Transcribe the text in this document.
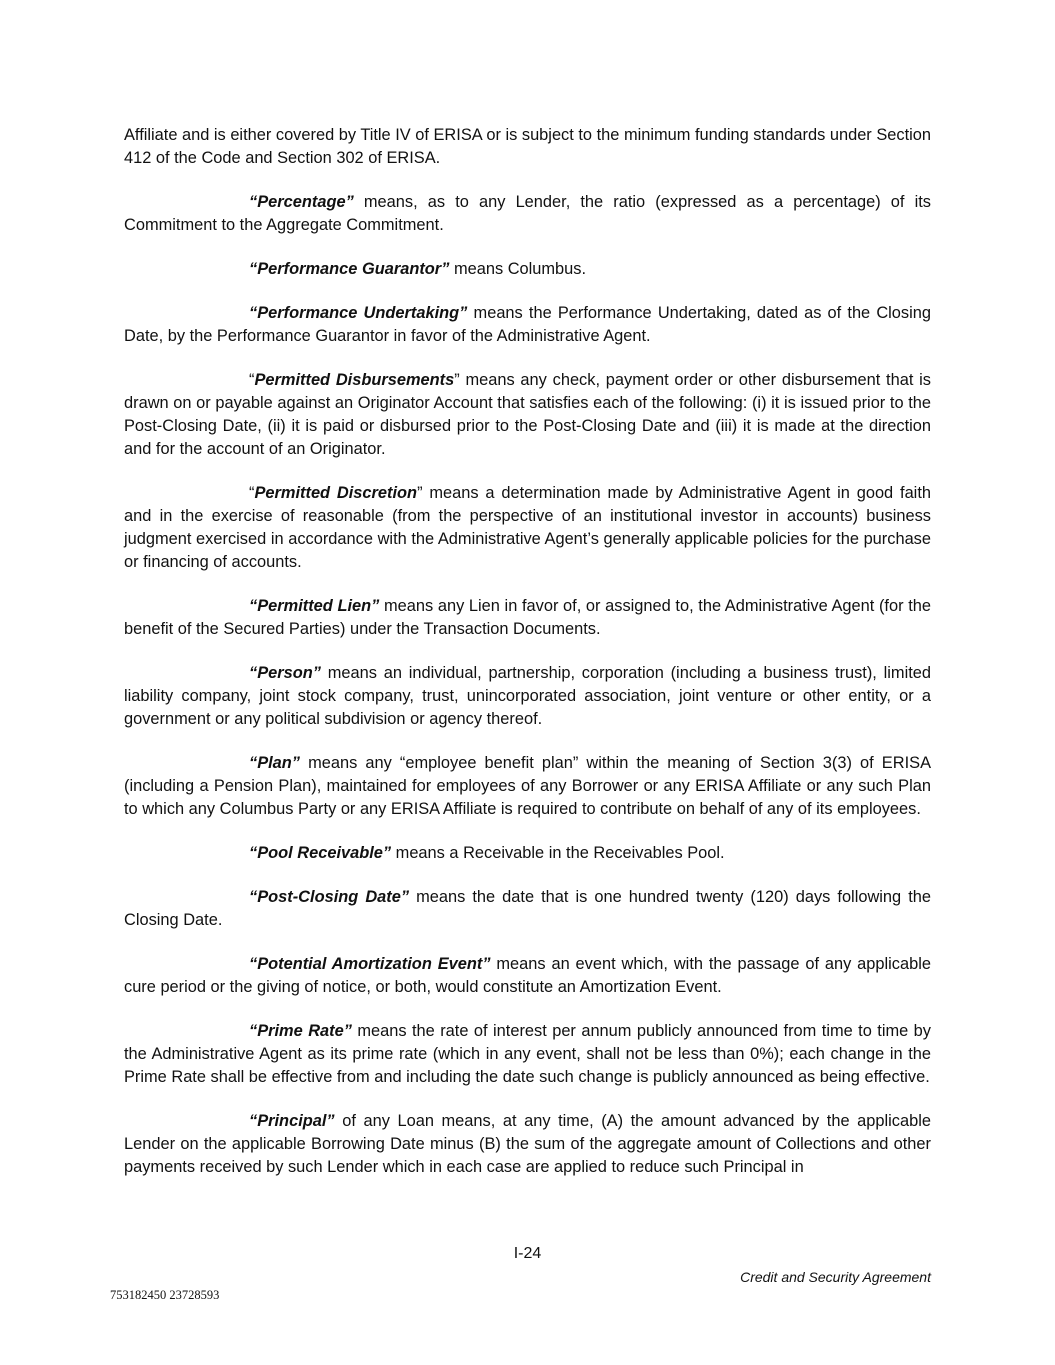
Affiliate and is either covered by Title IV of ERISA or is subject to the minimum funding standards under Section 412 of the Code and Section 302 of ERISA.

“Percentage” means, as to any Lender, the ratio (expressed as a percentage) of its Commitment to the Aggregate Commitment.

“Performance Guarantor” means Columbus.

“Performance Undertaking” means the Performance Undertaking, dated as of the Closing Date, by the Performance Guarantor in favor of the Administrative Agent.

“Permitted Disbursements” means any check, payment order or other disbursement that is drawn on or payable against an Originator Account that satisfies each of the following: (i) it is issued prior to the Post-Closing Date, (ii) it is paid or disbursed prior to the Post-Closing Date and (iii) it is made at the direction and for the account of an Originator.

“Permitted Discretion” means a determination made by Administrative Agent in good faith and in the exercise of reasonable (from the perspective of an institutional investor in accounts) business judgment exercised in accordance with the Administrative Agent’s generally applicable policies for the purchase or financing of accounts.

“Permitted Lien” means any Lien in favor of, or assigned to, the Administrative Agent (for the benefit of the Secured Parties) under the Transaction Documents.

“Person” means an individual, partnership, corporation (including a business trust), limited liability company, joint stock company, trust, unincorporated association, joint venture or other entity, or a government or any political subdivision or agency thereof.

“Plan” means any “employee benefit plan” within the meaning of Section 3(3) of ERISA (including a Pension Plan), maintained for employees of any Borrower or any ERISA Affiliate or any such Plan to which any Columbus Party or any ERISA Affiliate is required to contribute on behalf of any of its employees.

“Pool Receivable” means a Receivable in the Receivables Pool.

“Post-Closing Date” means the date that is one hundred twenty (120) days following the Closing Date.

“Potential Amortization Event” means an event which, with the passage of any applicable cure period or the giving of notice, or both, would constitute an Amortization Event.

“Prime Rate” means the rate of interest per annum publicly announced from time to time by the Administrative Agent as its prime rate (which in any event, shall not be less than 0%); each change in the Prime Rate shall be effective from and including the date such change is publicly announced as being effective.

“Principal” of any Loan means, at any time, (A) the amount advanced by the applicable Lender on the applicable Borrowing Date minus (B) the sum of the aggregate amount of Collections and other payments received by such Lender which in each case are applied to reduce such Principal in

I-24
Credit and Security Agreement
753182450 23728593
